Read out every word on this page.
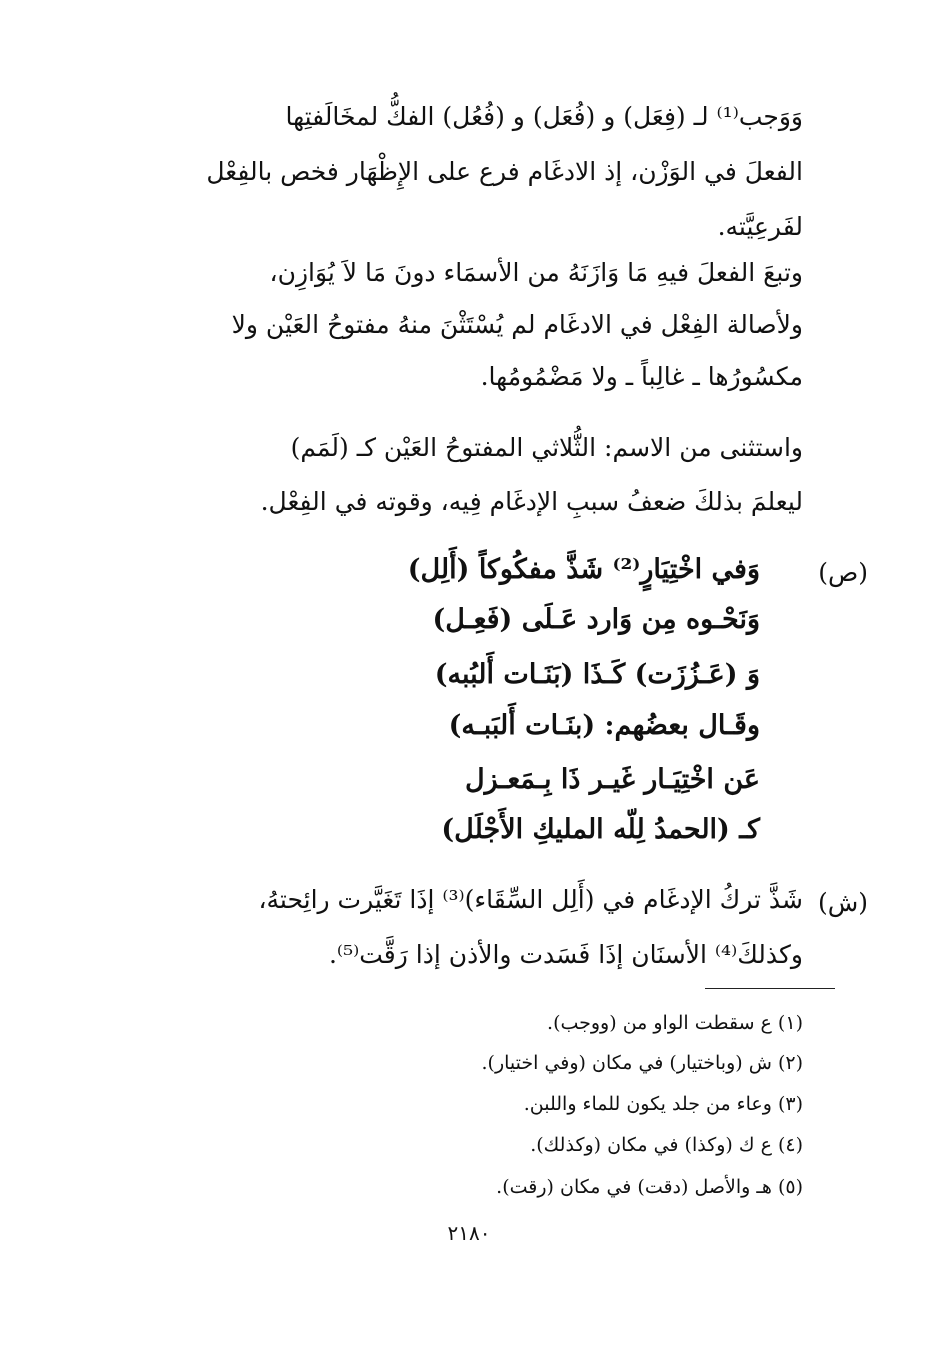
وَوَجب⁽¹⁾ لـ (فِعَل) و (فُعَل) و (فُعُل) الفكُّ لمخَالَفتِها
الفعلَ في الوَزْن، إذ الادغَام فرع على الإِظْهَار فخص بالفِعْل
لفَرعِيَّته.
وتبعَ الفعلَ فيهِ مَا وَازَنَهُ من الأسمَاء دونَ مَا لاَ يُوَازِن،
ولأصالة الفِعْل في الادغَام لم يُسْتَثْنَ منهُ مفتوحُ العَيْن ولا
مكسُورُها ـ غالِباً ـ ولا مَضْمُومُها.
واستثنى من الاسم: الثُّلاثي المفتوحُ العَيْن كـ (لَمَم)
ليعلمَ بذلكَ ضعفُ سببِ الإدغَام فِيه، وقوته في الفِعْل.
(ص)
وَفي اخْتِيَارٍ⁽²⁾ شَذَّ مفكُوكاً (أَلِل)
وَنَحْـوه مِن وَارد عَـلَى (فَعِـل)
وَ (عَـزُزَت) كَـذَا (بَنَـات أَلبُبه)
وقَـال بعضُهم: (بنَـات أَلبَبـه)
عَن اخْتِيَـار غَيـر ذَا بِـمَعـزل
كـ (الحمدُ لِلّه المليكِ الأَجْلَل)
(ش)
شَذَّ تركُ الإدغَام في (أَلِل السِّقَاء)⁽³⁾ إذَا تَغَيَّرت رائِحتهُ،
وكذلكَ⁽⁴⁾ الأسنَان إذَا فَسَدت والأذن إذا رَقَّت⁽⁵⁾.
(١) ع سقطت الواو من (ووجب).
(٢) ش (وباختيار) في مكان (وفي اختيار).
(٣) وعاء من جلد يكون للماء واللبن.
(٤) ع ك (وكذا) في مكان (وكذلك).
(٥) هـ والأصل (دقت) في مكان (رقت).
٢١٨٠
